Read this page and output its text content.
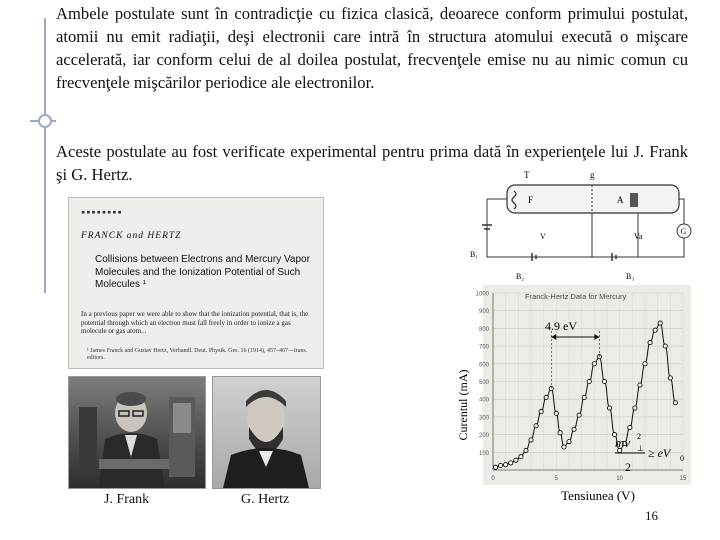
Ambele postulate sunt în contradicţie cu fizica clasică, deoarece conform primului postulat, atomii nu emit radiaţii, deşi electronii care intră în structura atomului execută o mişcare accelerată, iar conform celui de al doilea postulat, frecvenţele emise nu au nimic comun cu frecvenţele mişcărilor periodice ale electronilor.

Aceste postulate au fost verificate experimental pentru prima dată în experienţele lui J. Frank şi G. Hertz.

▪▪▪▪▪▪▪▪
FRANCK and HERTZ
Collisions between Electrons and Mercury Vapor Molecules and the Ionization Potential of Such Molecules ¹
In a previous paper we were able to show that the ionization potential, that is, the potential through which an electron must fall freely in order to ionize a gas molecule or gas atom...
¹ James Franck and Gustav Hertz, Verhandl. Deut. Physik. Ges. 16 (1914), 457–467—trans. editors.
J. Frank	G. Hertz
T	g
F	A
G
B₁
B₂	B₃
V	Va
Franck-Hertz Data for Mercury
Curentul (mA)
Tensiunea (V)
100
200
300
400
500
600
700
800
900
1000
0	5	10	15
4.9 eV
mv 2
⊥
2
≥ eV 0
16
